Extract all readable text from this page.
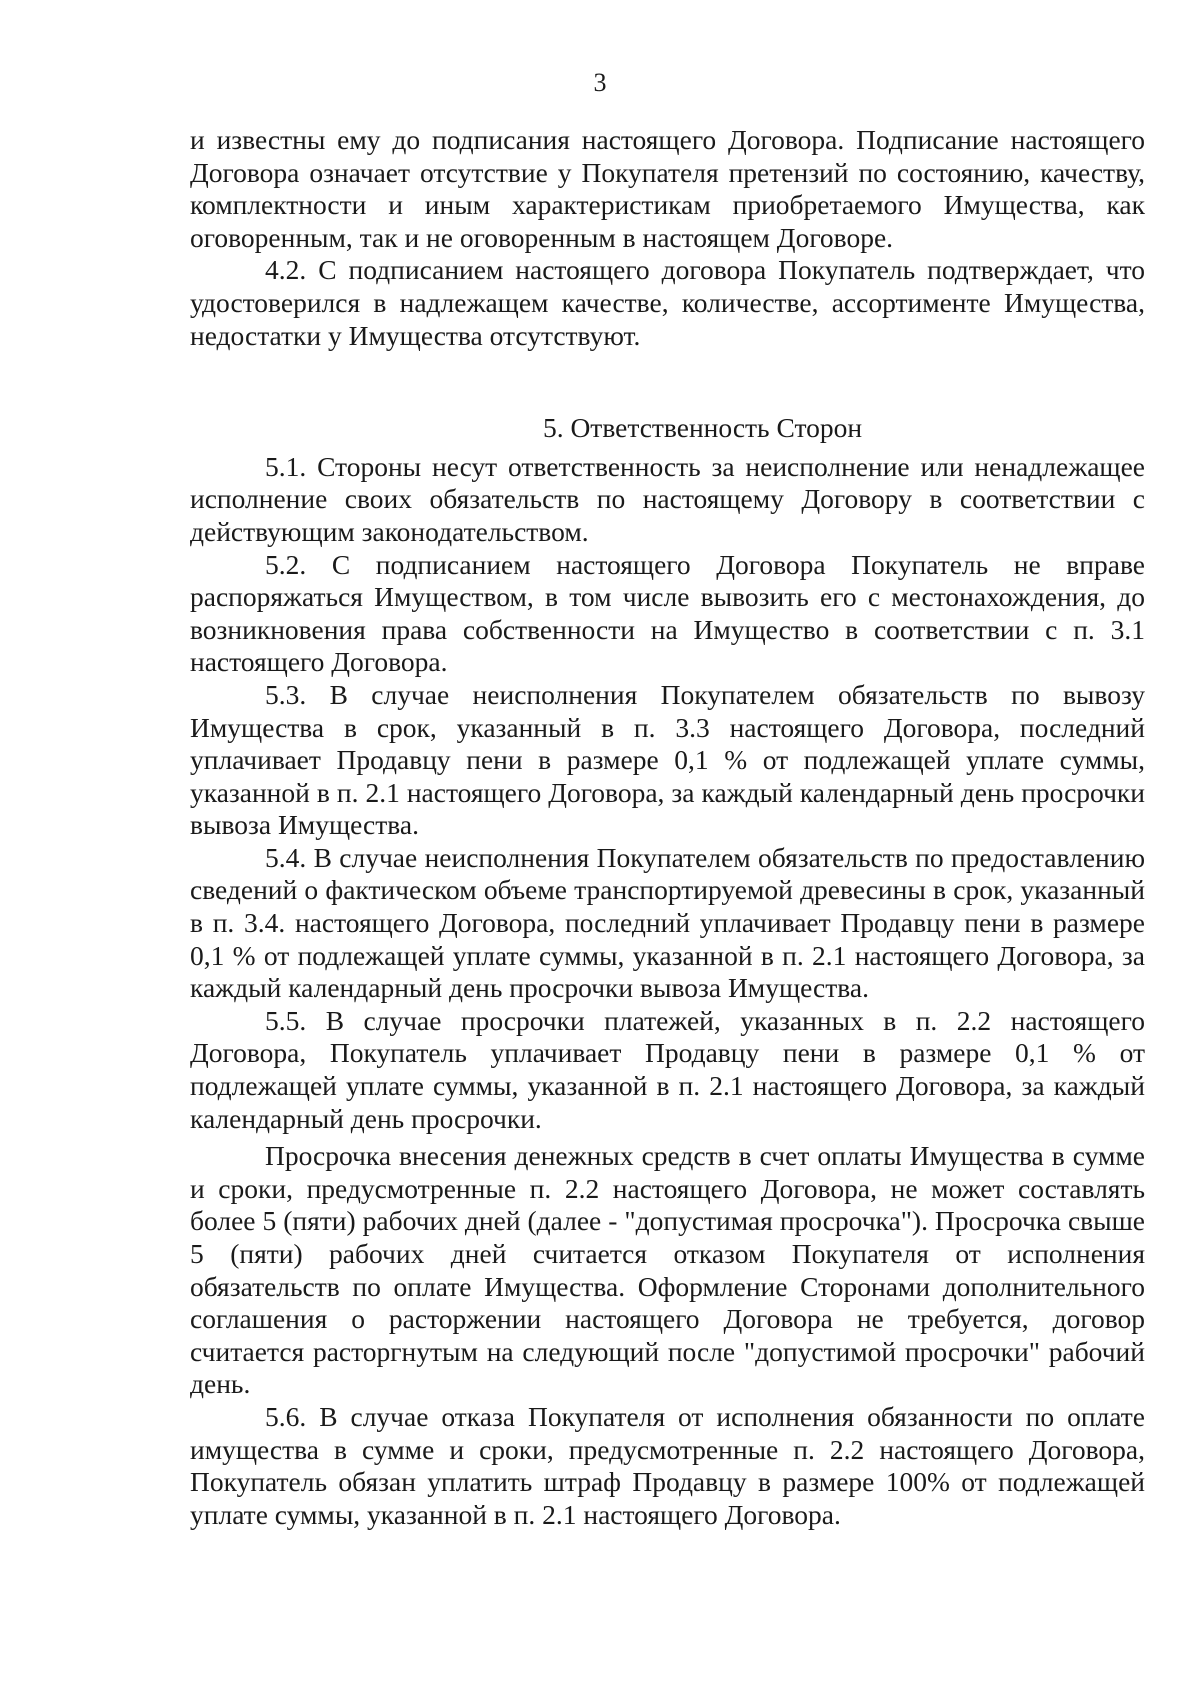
3

и известны ему до подписания настоящего Договора. Подписание настоящего Договора означает отсутствие у Покупателя претензий по состоянию, качеству, комплектности и иным характеристикам приобретаемого Имущества, как оговоренным, так и не оговоренным в настоящем Договоре.

4.2. С подписанием настоящего договора Покупатель подтверждает, что удостоверился в надлежащем качестве, количестве, ассортименте Имущества, недостатки у Имущества отсутствуют.

5. Ответственность Сторон

5.1. Стороны несут ответственность за неисполнение или ненадлежащее исполнение своих обязательств по настоящему Договору в соответствии с действующим законодательством.

5.2. С подписанием настоящего Договора Покупатель не вправе распоряжаться Имуществом, в том числе вывозить его с местонахождения, до возникновения права собственности на Имущество в соответствии с п. 3.1 настоящего Договора.

5.3. В случае неисполнения Покупателем обязательств по вывозу Имущества в срок, указанный в п. 3.3 настоящего Договора, последний уплачивает Продавцу пени в размере 0,1 % от подлежащей уплате суммы, указанной в п. 2.1 настоящего Договора, за каждый календарный день просрочки вывоза Имущества.

5.4. В случае неисполнения Покупателем обязательств по предоставлению сведений о фактическом объеме транспортируемой древесины в срок, указанный в п. 3.4. настоящего Договора, последний уплачивает Продавцу пени в размере 0,1 % от подлежащей уплате суммы, указанной в п. 2.1 настоящего Договора, за каждый календарный день просрочки вывоза Имущества.

5.5. В случае просрочки платежей, указанных в п. 2.2 настоящего Договора, Покупатель уплачивает Продавцу пени в размере 0,1 % от подлежащей уплате суммы, указанной в п. 2.1 настоящего Договора, за каждый календарный день просрочки.

Просрочка внесения денежных средств в счет оплаты Имущества в сумме и сроки, предусмотренные п. 2.2 настоящего Договора, не может составлять более 5 (пяти) рабочих дней (далее - "допустимая просрочка"). Просрочка свыше 5 (пяти) рабочих дней считается отказом Покупателя от исполнения обязательств по оплате Имущества. Оформление Сторонами дополнительного соглашения о расторжении настоящего Договора не требуется, договор считается расторгнутым на следующий после "допустимой просрочки" рабочий день.

5.6. В случае отказа Покупателя от исполнения обязанности по оплате имущества в сумме и сроки, предусмотренные п. 2.2 настоящего Договора, Покупатель обязан уплатить штраф Продавцу в размере 100% от подлежащей уплате суммы, указанной в п. 2.1 настоящего Договора.
